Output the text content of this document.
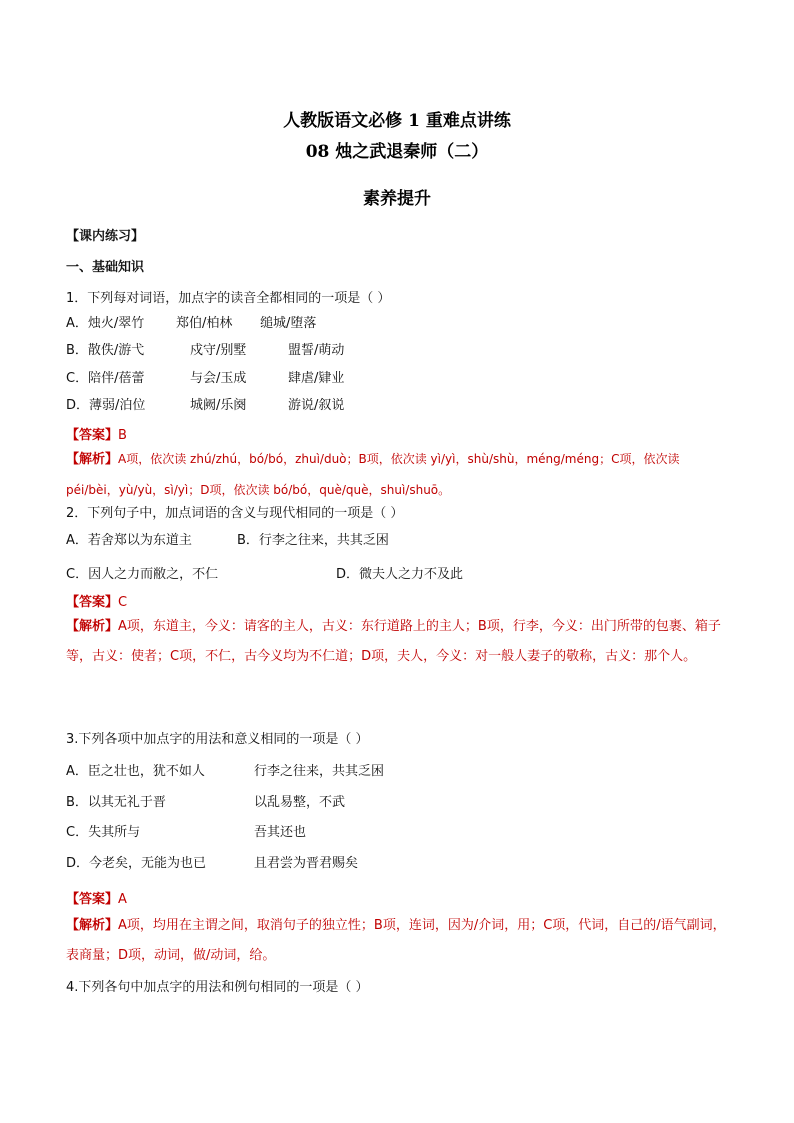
人教版语文必修 1 重难点讲练
08 烛之武退秦师（二）
素养提升
【课内练习】
一、基础知识
1．下列每对词语，加点字的读音全都相同的一项是（ ）
A．烛火/翠竹 郑伯/柏林 缒城/堕落
B．散佚/游弋	戍守/别墅	盟誓/萌动
C．陪伴/蓓蕾	与会/玉成	肆虐/肄业
D．薄弱/泊位	城阙/乐阕	游说/叙说
【答案】B
【解析】A项，依次读 zhú/zhú，bó/bó，zhuì/duò；B项，依次读 yì/yì，shù/shù，méng/méng；C项，依次读 péi/bèi，yù/yù，sì/yì；D项，依次读 bó/bó，què/què，shuì/shuō。
2．下列句子中，加点词语的含义与现代相同的一项是（ ）
A．若舍郑以为东道主	B．行李之往来，共其乏困
C．因人之力而敝之，不仁	D．微夫人之力不及此
【答案】C
【解析】A项，东道主，今义：请客的主人，古义：东行道路上的主人；B项，行李，今义：出门所带的包裹、箱子等，古义：使者；C项，不仁，古今义均为不仁道；D项，夫人，今义：对一般人妻子的敬称，古义：那个人。
3.下列各项中加点字的用法和意义相同的一项是（ ）
A．臣之壮也，犹不如人	行李之往来，共其乏困
B．以其无礼于晋	以乱易整，不武
C．失其所与	吾其还也
D．今老矣，无能为也已	且君尝为晋君赐矣
【答案】A
【解析】A项，均用在主谓之间，取消句子的独立性；B项，连词，因为/介词，用；C项，代词，自己的/语气副词，表商量；D项，动词，做/动词，给。
4.下列各句中加点字的用法和例句相同的一项是（ ）
